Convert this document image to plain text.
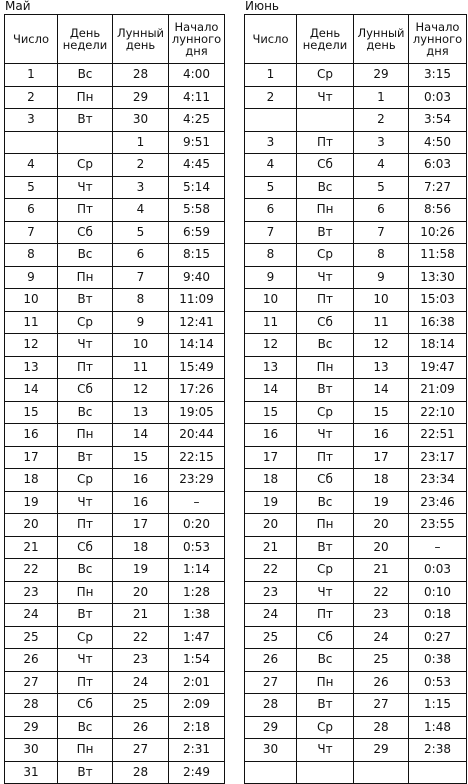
Май
Число	День недели	Лунный день	Начало лунного дня
1	Вс	28	4:00
2	Пн	29	4:11
3	Вт	30	4:25
		1	9:51
4	Ср	2	4:45
5	Чт	3	5:14
6	Пт	4	5:58
7	Сб	5	6:59
8	Вс	6	8:15
9	Пн	7	9:40
10	Вт	8	11:09
11	Ср	9	12:41
12	Чт	10	14:14
13	Пт	11	15:49
14	Сб	12	17:26
15	Вс	13	19:05
16	Пн	14	20:44
17	Вт	15	22:15
18	Ср	16	23:29
19	Чт	16	–
20	Пт	17	0:20
21	Сб	18	0:53
22	Вс	19	1:14
23	Пн	20	1:28
24	Вт	21	1:38
25	Ср	22	1:47
26	Чт	23	1:54
27	Пт	24	2:01
28	Сб	25	2:09
29	Вс	26	2:18
30	Пн	27	2:31
31	Вт	28	2:49
Июнь
Число	День недели	Лунный день	Начало лунного дня
1	Ср	29	3:15
2	Чт	1	0:03
		2	3:54
3	Пт	3	4:50
4	Сб	4	6:03
5	Вс	5	7:27
6	Пн	6	8:56
7	Вт	7	10:26
8	Ср	8	11:58
9	Чт	9	13:30
10	Пт	10	15:03
11	Сб	11	16:38
12	Вс	12	18:14
13	Пн	13	19:47
14	Вт	14	21:09
15	Ср	15	22:10
16	Чт	16	22:51
17	Пт	17	23:17
18	Сб	18	23:34
19	Вс	19	23:46
20	Пн	20	23:55
21	Вт	20	–
22	Ср	21	0:03
23	Чт	22	0:10
24	Пт	23	0:18
25	Сб	24	0:27
26	Вс	25	0:38
27	Пн	26	0:53
28	Вт	27	1:15
29	Ср	28	1:48
30	Чт	29	2:38
